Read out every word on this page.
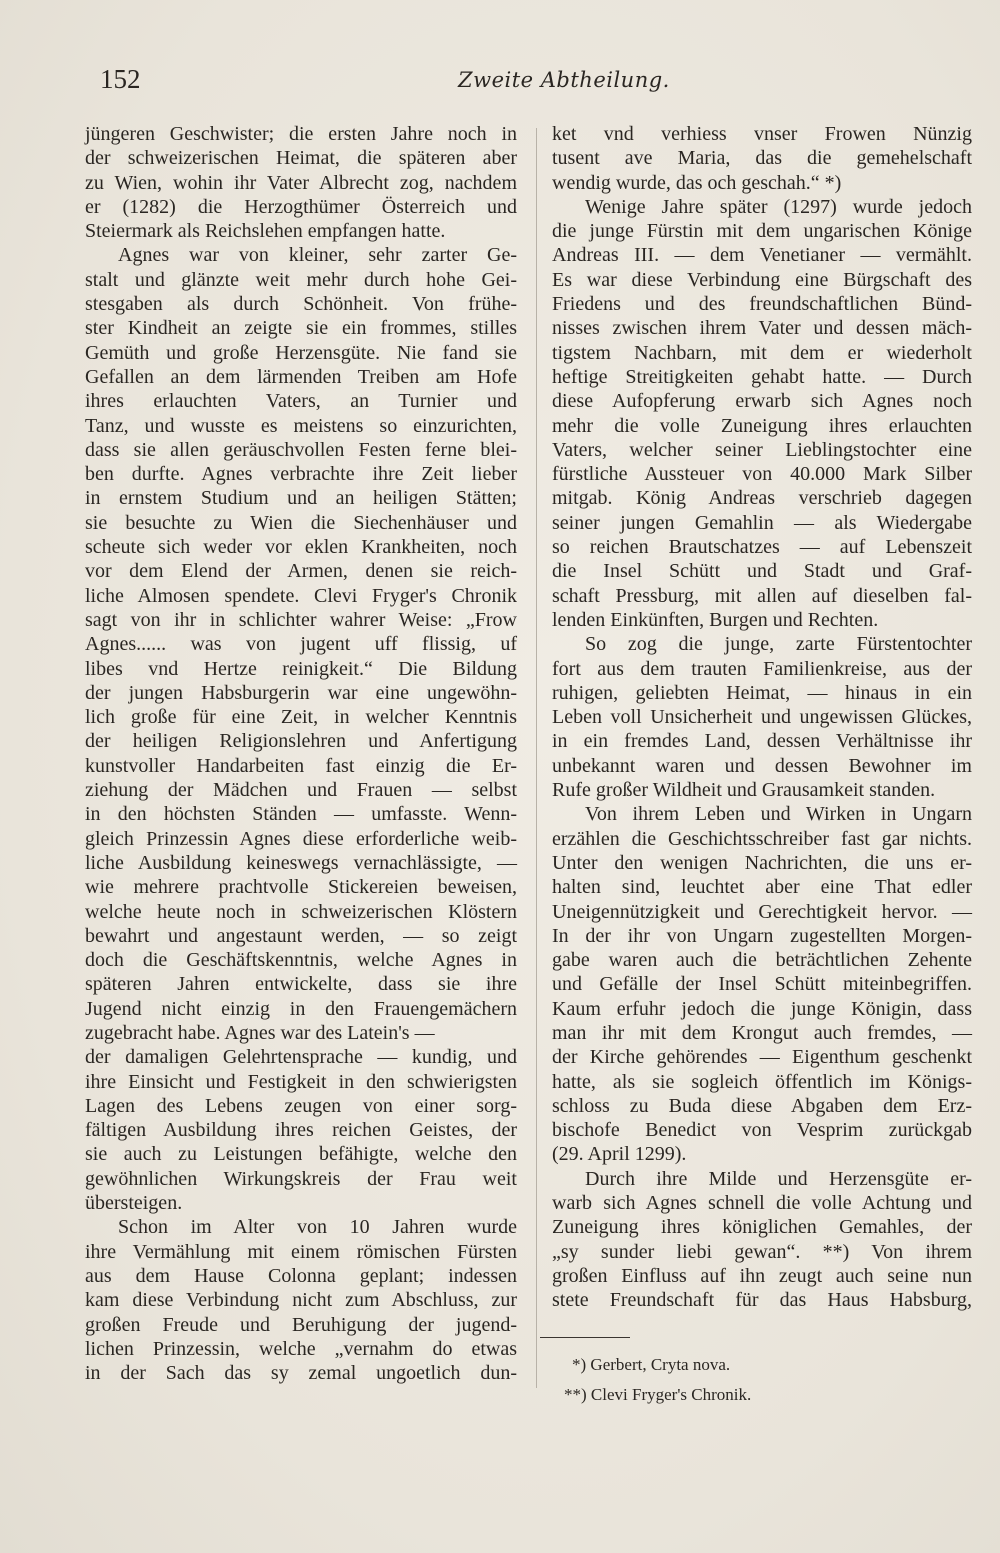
152	Zweite Abtheilung.
jüngeren Geschwister; die ersten Jahre noch in
der schweizerischen Heimat, die späteren aber
zu Wien, wohin ihr Vater Albrecht zog, nachdem
er (1282) die Herzogthümer Österreich und
Steiermark als Reichslehen empfangen hatte.
Agnes war von kleiner, sehr zarter Ge-
stalt und glänzte weit mehr durch hohe Gei-
stesgaben als durch Schönheit. Von frühe-
ster Kindheit an zeigte sie ein frommes, stilles
Gemüth und große Herzensgüte. Nie fand sie
Gefallen an dem lärmenden Treiben am Hofe
ihres erlauchten Vaters, an Turnier und
Tanz, und wusste es meistens so einzurichten,
dass sie allen geräuschvollen Festen ferne blei-
ben durfte. Agnes verbrachte ihre Zeit lieber
in ernstem Studium und an heiligen Stätten;
sie besuchte zu Wien die Siechenhäuser und
scheute sich weder vor eklen Krankheiten, noch
vor dem Elend der Armen, denen sie reich-
liche Almosen spendete. Clevi Fryger's Chronik
sagt von ihr in schlichter wahrer Weise: „Frow
Agnes...... was von jugent uff flissig, uf
libes vnd Hertze reinigkeit.“ Die Bildung
der jungen Habsburgerin war eine ungewöhn-
lich große für eine Zeit, in welcher Kenntnis
der heiligen Religionslehren und Anfertigung
kunstvoller Handarbeiten fast einzig die Er-
ziehung der Mädchen und Frauen — selbst
in den höchsten Ständen — umfasste. Wenn-
gleich Prinzessin Agnes diese erforderliche weib-
liche Ausbildung keineswegs vernachlässigte, —
wie mehrere prachtvolle Stickereien beweisen,
welche heute noch in schweizerischen Klöstern
bewahrt und angestaunt werden, — so zeigt
doch die Geschäftskenntnis, welche Agnes in
späteren Jahren entwickelte, dass sie ihre
Jugend nicht einzig in den Frauengemächern
zugebracht habe. Agnes war des Latein's —
der damaligen Gelehrtensprache — kundig, und
ihre Einsicht und Festigkeit in den schwierigsten
Lagen des Lebens zeugen von einer sorg-
fältigen Ausbildung ihres reichen Geistes, der
sie auch zu Leistungen befähigte, welche den
gewöhnlichen Wirkungskreis der Frau weit
übersteigen.
Schon im Alter von 10 Jahren wurde
ihre Vermählung mit einem römischen Fürsten
aus dem Hause Colonna geplant; indessen
kam diese Verbindung nicht zum Abschluss, zur
großen Freude und Beruhigung der jugend-
lichen Prinzessin, welche „vernahm do etwas
in der Sach das sy zemal ungoetlich dun-
ket vnd verhiess vnser Frowen Nünzig
tusent ave Maria, das die gemehelschaft
wendig wurde, das och geschah.“ *)
Wenige Jahre später (1297) wurde jedoch
die junge Fürstin mit dem ungarischen Könige
Andreas III. — dem Venetianer — vermählt.
Es war diese Verbindung eine Bürgschaft des
Friedens und des freundschaftlichen Bünd-
nisses zwischen ihrem Vater und dessen mäch-
tigstem Nachbarn, mit dem er wiederholt
heftige Streitigkeiten gehabt hatte. — Durch
diese Aufopferung erwarb sich Agnes noch
mehr die volle Zuneigung ihres erlauchten
Vaters, welcher seiner Lieblingstochter eine
fürstliche Aussteuer von 40.000 Mark Silber
mitgab. König Andreas verschrieb dagegen
seiner jungen Gemahlin — als Wiedergabe
so reichen Brautschatzes — auf Lebenszeit
die Insel Schütt und Stadt und Graf-
schaft Pressburg, mit allen auf dieselben fal-
lenden Einkünften, Burgen und Rechten.
So zog die junge, zarte Fürstentochter
fort aus dem trauten Familienkreise, aus der
ruhigen, geliebten Heimat, — hinaus in ein
Leben voll Unsicherheit und ungewissen Glückes,
in ein fremdes Land, dessen Verhältnisse ihr
unbekannt waren und dessen Bewohner im
Rufe großer Wildheit und Grausamkeit standen.
Von ihrem Leben und Wirken in Ungarn
erzählen die Geschichtsschreiber fast gar nichts.
Unter den wenigen Nachrichten, die uns er-
halten sind, leuchtet aber eine That edler
Uneigennützigkeit und Gerechtigkeit hervor. —
In der ihr von Ungarn zugestellten Morgen-
gabe waren auch die beträchtlichen Zehente
und Gefälle der Insel Schütt miteinbegriffen.
Kaum erfuhr jedoch die junge Königin, dass
man ihr mit dem Krongut auch fremdes, —
der Kirche gehörendes — Eigenthum geschenkt
hatte, als sie sogleich öffentlich im Königs-
schloss zu Buda diese Abgaben dem Erz-
bischofe Benedict von Vesprim zurückgab
(29. April 1299).
Durch ihre Milde und Herzensgüte er-
warb sich Agnes schnell die volle Achtung und
Zuneigung ihres königlichen Gemahles, der
„sy sunder liebi gewan“. **) Von ihrem
großen Einfluss auf ihn zeugt auch seine nun
stete Freundschaft für das Haus Habsburg,
*) Gerbert, Cryta nova.
**) Clevi Fryger's Chronik.
